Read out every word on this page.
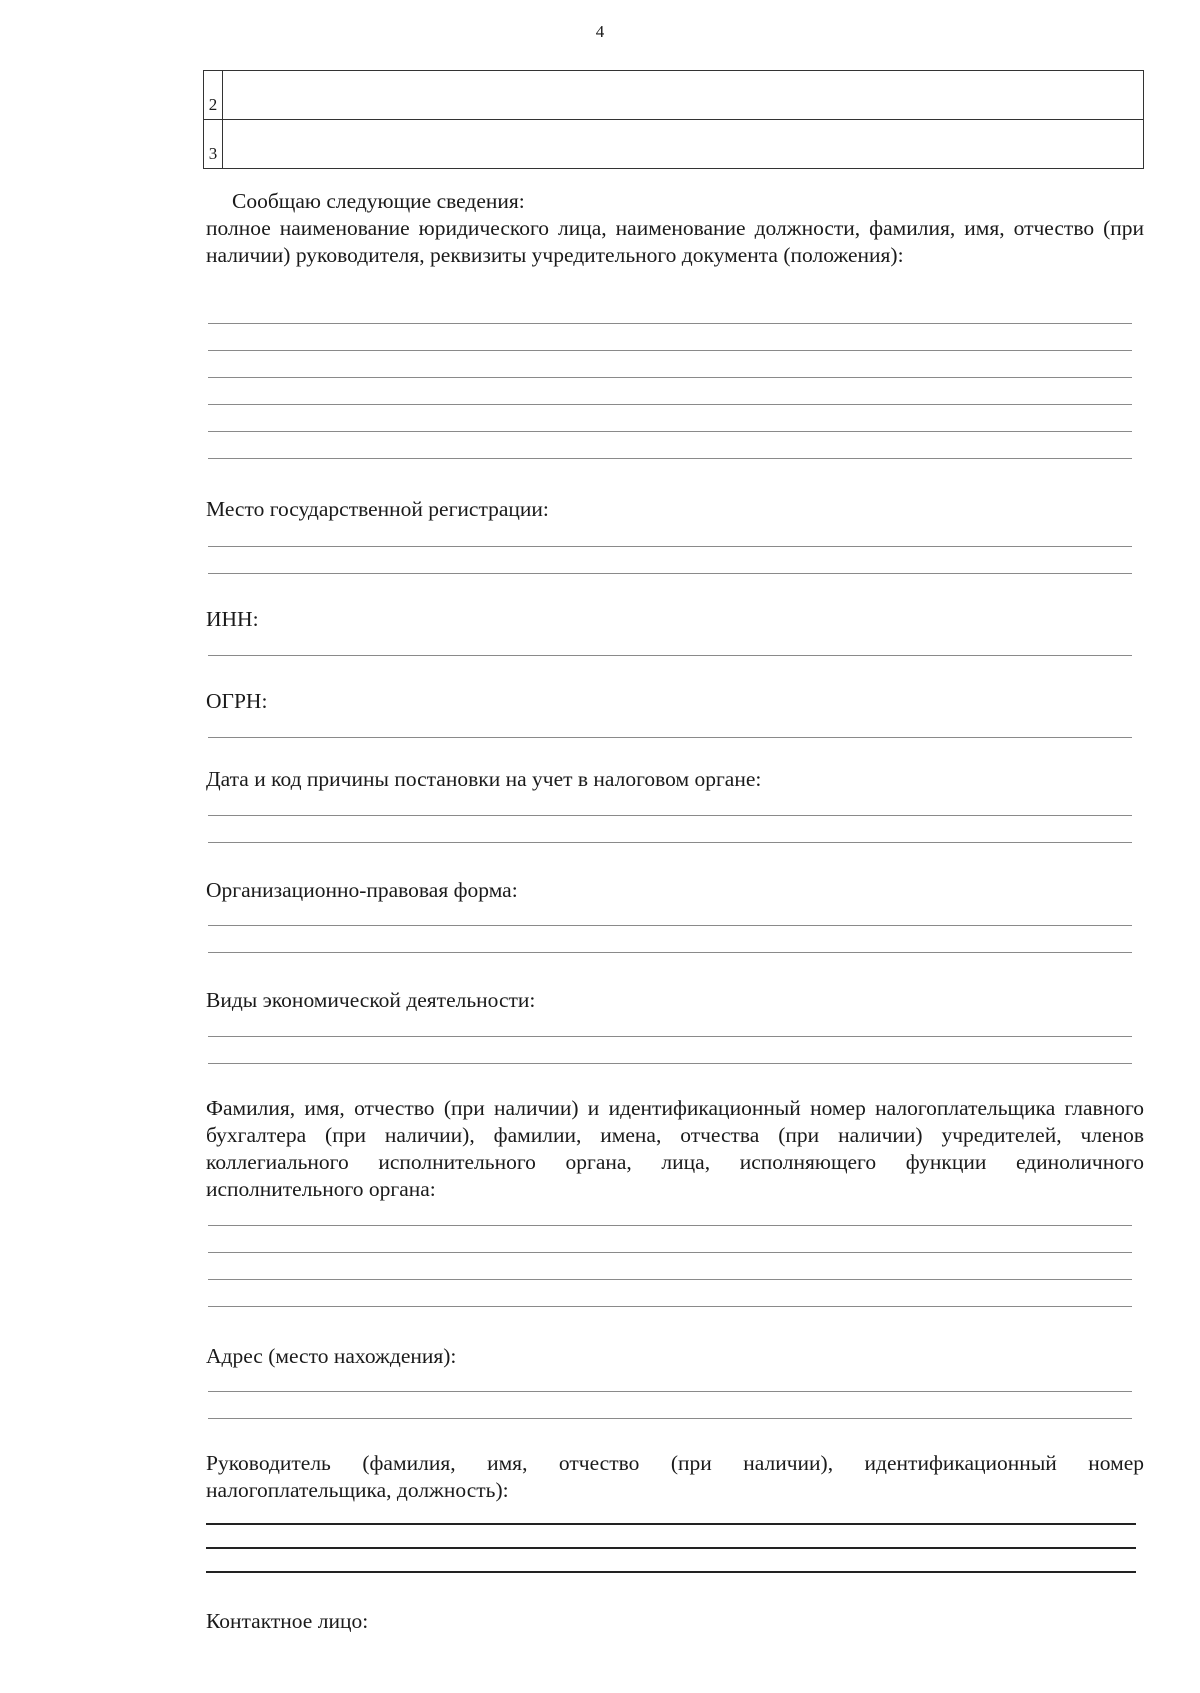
4
2	
3	
Сообщаю следующие сведения:
полное наименование юридического лица, наименование должности, фамилия, имя, отчество (при наличии) руководителя, реквизиты учредительного документа (положения):
Место государственной регистрации:
ИНН:
ОГРН:
Дата и код причины постановки на учет в налоговом органе:
Организационно-правовая форма:
Виды экономической деятельности:
Фамилия, имя, отчество (при наличии) и идентификационный номер налогоплательщика главного бухгалтера (при наличии), фамилии, имена, отчества (при наличии) учредителей, членов коллегиального исполнительного органа, лица, исполняющего функции единоличного исполнительного органа:
Адрес (место нахождения):
Руководитель (фамилия, имя, отчество (при наличии), идентификационный номер налогоплательщика, должность):
Контактное лицо:
